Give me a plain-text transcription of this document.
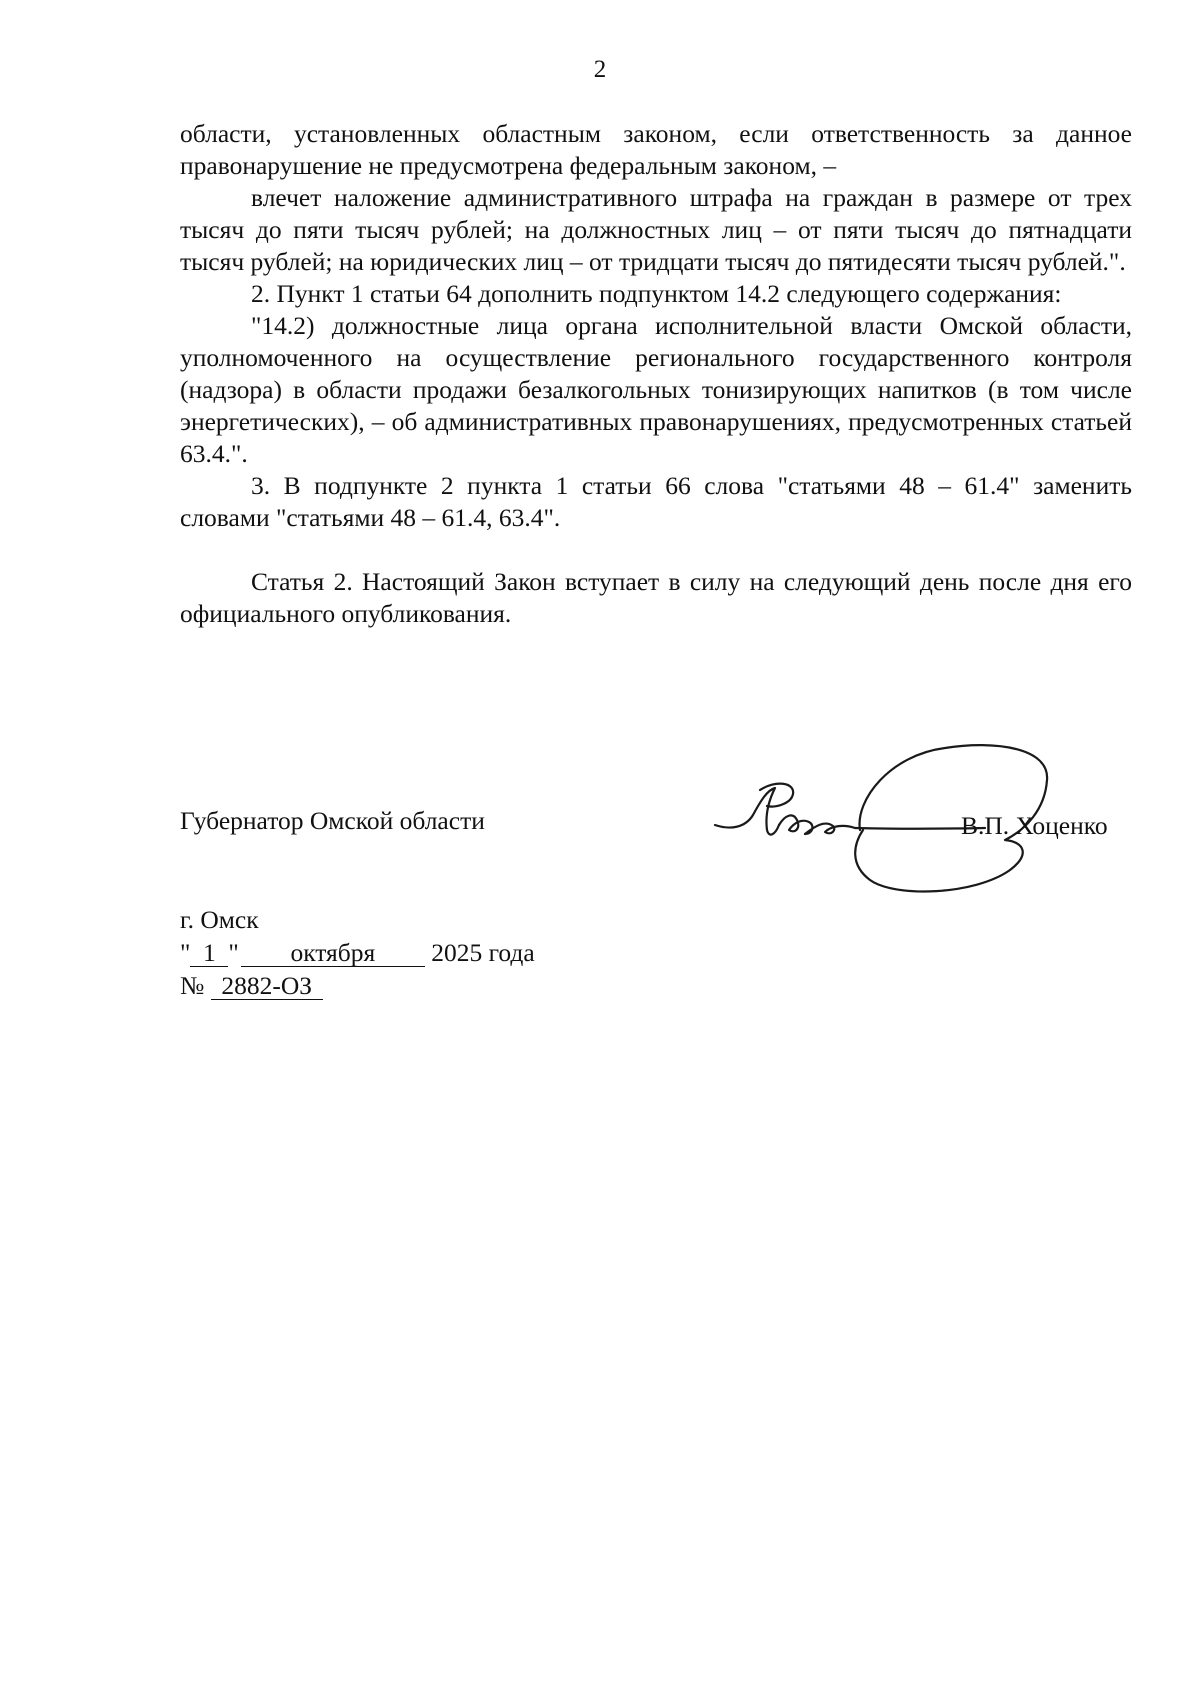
2

области, установленных областным законом, если ответственность за данное правонарушение не предусмотрена федеральным законом, –

влечет наложение административного штрафа на граждан в размере от трех тысяч до пяти тысяч рублей; на должностных лиц – от пяти тысяч до пятнадцати тысяч рублей; на юридических лиц – от тридцати тысяч до пятидесяти тысяч рублей.".

2. Пункт 1 статьи 64 дополнить подпунктом 14.2 следующего содержания:

"14.2) должностные лица органа исполнительной власти Омской области, уполномоченного на осуществление регионального государственного контроля (надзора) в области продажи безалкогольных тонизирующих напитков (в том числе энергетических), – об административных правонарушениях, предусмотренных статьей 63.4.".

3. В подпункте 2 пункта 1 статьи 66 слова "статьями 48 – 61.4" заменить словами "статьями 48 – 61.4, 63.4".

Статья 2. Настоящий Закон вступает в силу на следующий день после дня его официального опубликования.

Губернатор Омской области	В.П. Хоценко
г. Омск
" 1 " октября 2025 года
№ 2882-ОЗ
